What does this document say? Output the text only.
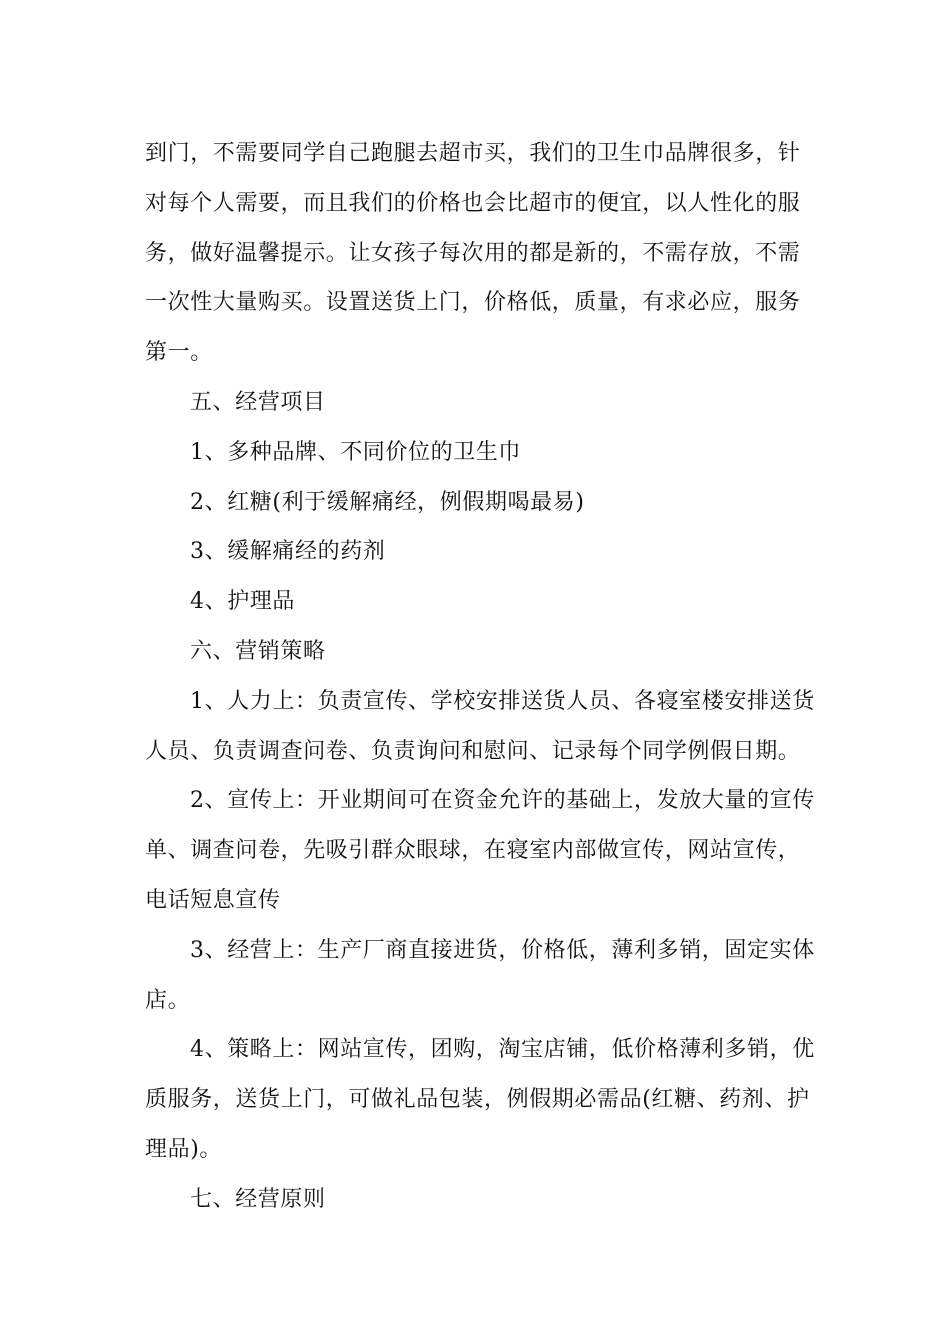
到门，不需要同学自己跑腿去超市买，我们的卫生巾品牌很多，针
对每个人需要，而且我们的价格也会比超市的便宜，以人性化的服
务，做好温馨提示。让女孩子每次用的都是新的，不需存放，不需
一次性大量购买。设置送货上门，价格低，质量，有求必应，服务
第一。
五、经营项目
1、多种品牌、不同价位的卫生巾
2、红糖(利于缓解痛经，例假期喝最易)
3、缓解痛经的药剂
4、护理品
六、营销策略
1、人力上：负责宣传、学校安排送货人员、各寝室楼安排送货
人员、负责调查问卷、负责询问和慰问、记录每个同学例假日期。
2、宣传上：开业期间可在资金允许的基础上，发放大量的宣传
单、调查问卷，先吸引群众眼球，在寝室内部做宣传，网站宣传，
电话短息宣传
3、经营上：生产厂商直接进货，价格低，薄利多销，固定实体
店。
4、策略上：网站宣传，团购，淘宝店铺，低价格薄利多销，优
质服务，送货上门，可做礼品包装，例假期必需品(红糖、药剂、护
理品)。
七、经营原则
